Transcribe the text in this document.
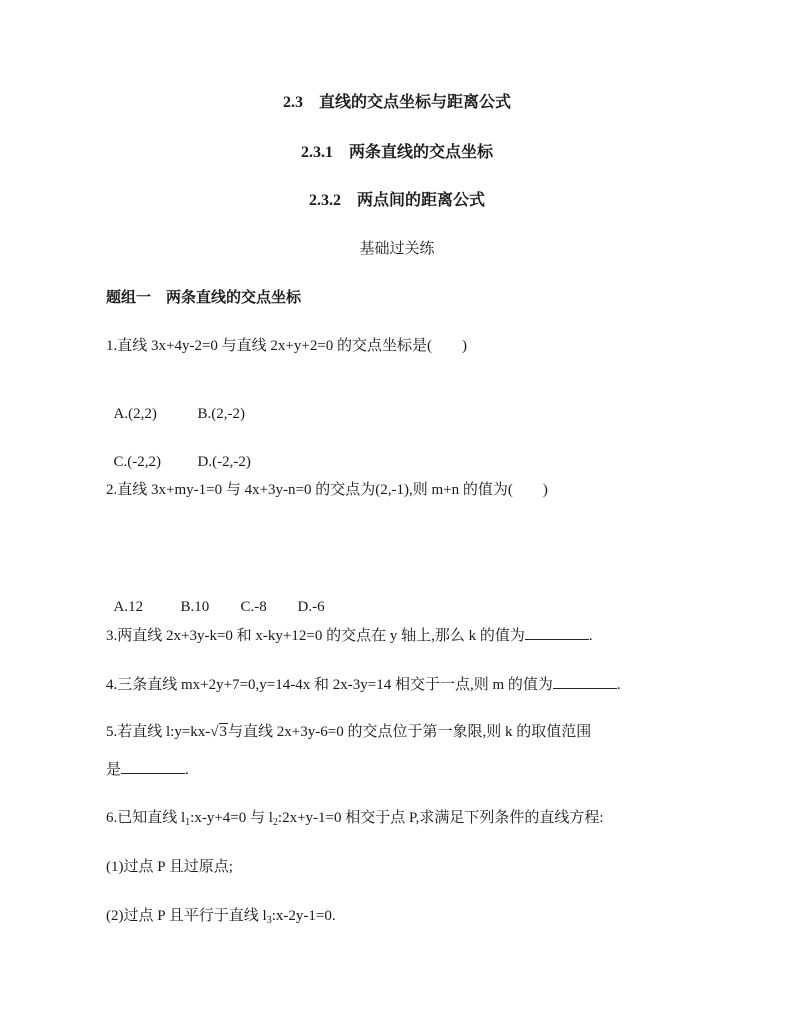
2.3　直线的交点坐标与距离公式
2.3.1　两条直线的交点坐标
2.3.2　两点间的距离公式
基础过关练
题组一　两条直线的交点坐标
1.直线 3x+4y-2=0 与直线 2x+y+2=0 的交点坐标是(　　)

A.(2,2)	B.(2,-2)

C.(-2,2) D.(-2,-2)

2.直线 3x+my-1=0 与 4x+3y-n=0 的交点为(2,-1),则 m+n 的值为(　　)

A.12 B.10 C.-8 D.-6

3.两直线 2x+3y-k=0 和 x-ky+12=0 的交点在 y 轴上,那么 k 的值为	.
4.三条直线 mx+2y+7=0,y=14-4x 和 2x-3y=14 相交于一点,则 m 的值为	.
5.若直线 l:y=kx-√3与直线 2x+3y-6=0 的交点位于第一象限,则 k 的取值范围
是	.
6.已知直线 $l_1:x-y+4=0$ 与 $l_2:2x+y-1=0$ 相交于点 P,求满足下列条件的直线方程:
(1)过点 P 且过原点;
(2)过点 P 且平行于直线 $l_3:x-2y-1=0$.
